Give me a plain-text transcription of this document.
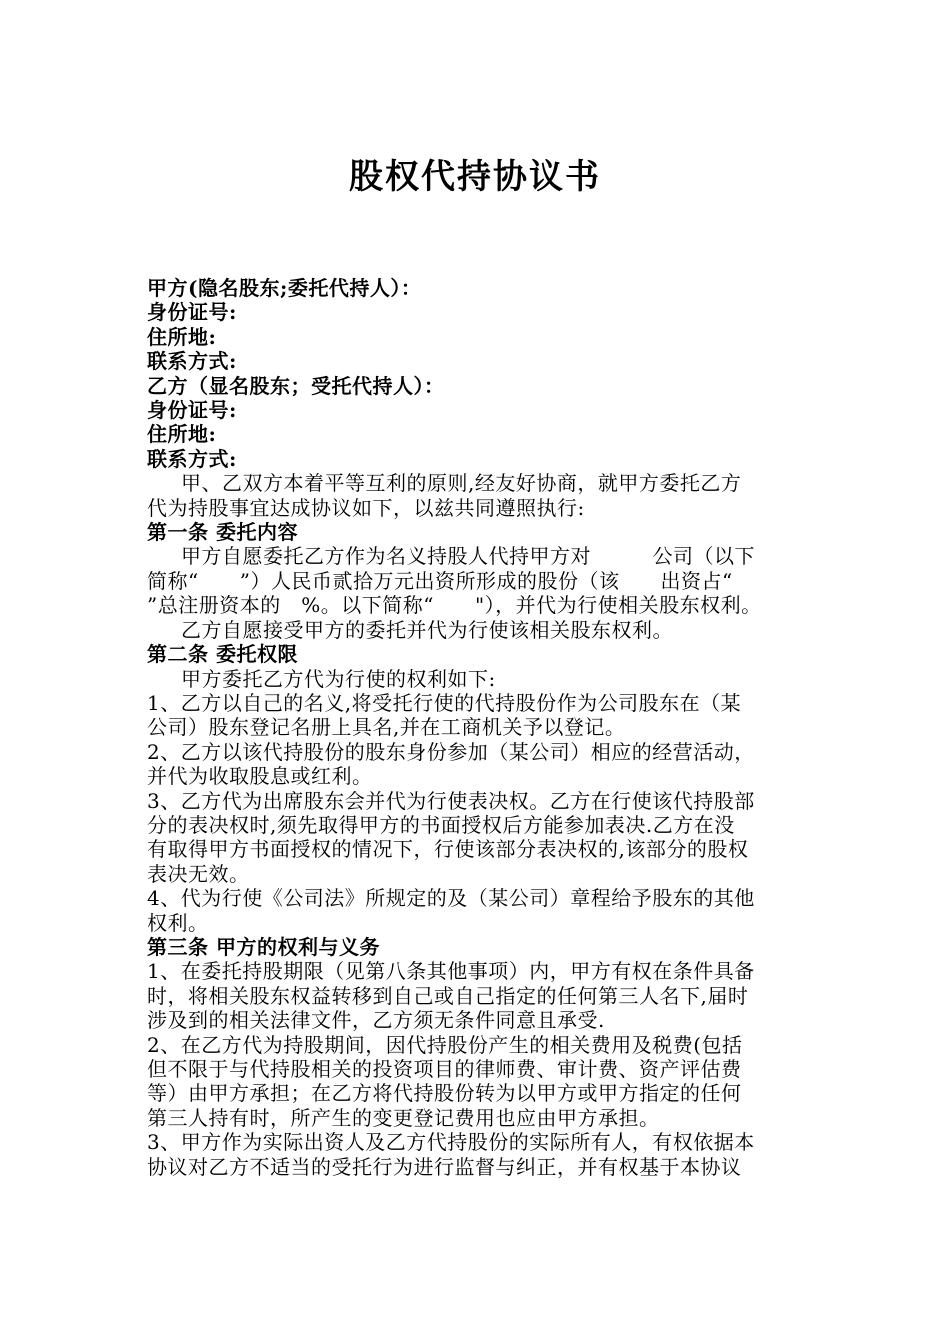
股权代持协议书
甲方(隐名股东;委托代持人）：
身份证号:
住所地:
联系方式:
乙方（显名股东；受托代持人）：
身份证号:
住所地:
联系方式:
甲、乙双方本着平等互利的原则,经友好协商，就甲方委托乙方
代为持股事宜达成协议如下，以兹共同遵照执行:
第一条 委托内容
甲方自愿委托乙方作为名义持股人代持甲方对　　　公司（以下
简称“　　”）人民币贰拾万元出资所形成的股份（该　　出资占“
”总注册资本的　%。以下简称“　　"），并代为行使相关股东权利。
乙方自愿接受甲方的委托并代为行使该相关股东权利。
第二条 委托权限
甲方委托乙方代为行使的权利如下:
1、乙方以自己的名义,将受托行使的代持股份作为公司股东在（某
公司）股东登记名册上具名,并在工商机关予以登记。
2、乙方以该代持股份的股东身份参加（某公司）相应的经营活动，
并代为收取股息或红利。
3、乙方代为出席股东会并代为行使表决权。乙方在行使该代持股部
分的表决权时,须先取得甲方的书面授权后方能参加表决.乙方在没
有取得甲方书面授权的情况下，行使该部分表决权的,该部分的股权
表决无效。
4、代为行使《公司法》所规定的及（某公司）章程给予股东的其他
权利。
第三条 甲方的权利与义务
1、在委托持股期限（见第八条其他事项）内，甲方有权在条件具备
时，将相关股东权益转移到自己或自己指定的任何第三人名下,届时
涉及到的相关法律文件，乙方须无条件同意且承受.
2、在乙方代为持股期间，因代持股份产生的相关费用及税费(包括
但不限于与代持股相关的投资项目的律师费、审计费、资产评估费
等）由甲方承担；在乙方将代持股份转为以甲方或甲方指定的任何
第三人持有时，所产生的变更登记费用也应由甲方承担。
3、甲方作为实际出资人及乙方代持股份的实际所有人，有权依据本
协议对乙方不适当的受托行为进行监督与纠正，并有权基于本协议
